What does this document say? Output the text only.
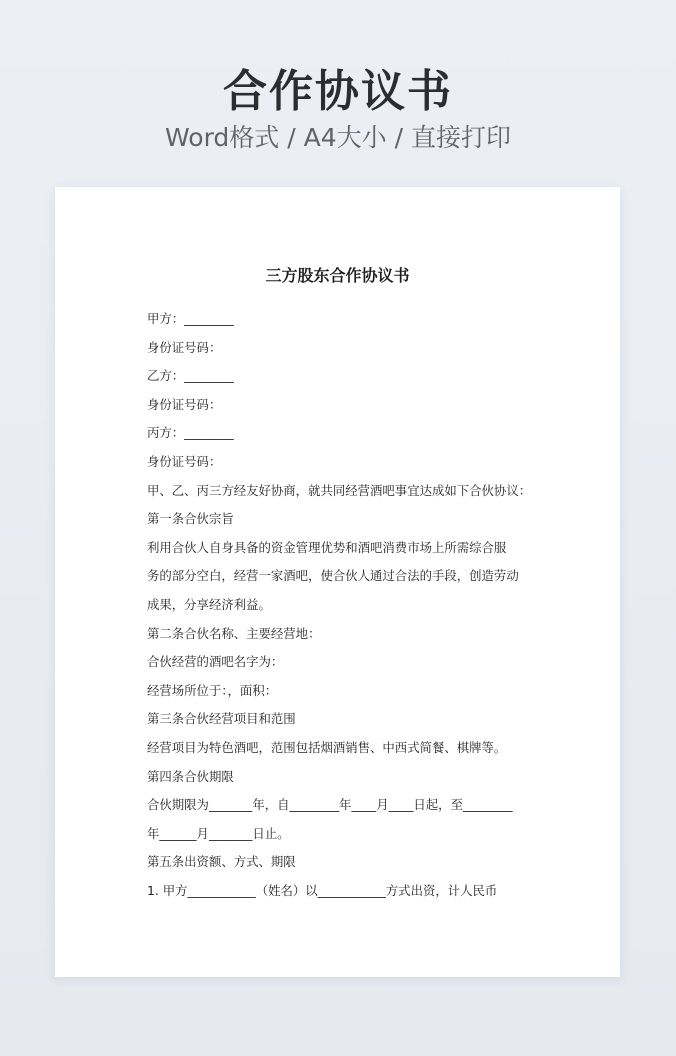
合作协议书
Word格式 / A4大小 / 直接打印
三方股东合作协议书
甲方：________
身份证号码：
乙方：________
身份证号码：
丙方：________
身份证号码：
甲、乙、丙三方经友好协商，就共同经营酒吧事宜达成如下合伙协议：
第一条合伙宗旨
利用合伙人自身具备的资金管理优势和酒吧消费市场上所需综合服
务的部分空白，经营一家酒吧，使合伙人通过合法的手段，创造劳动
成果，分享经济利益。
第二条合伙名称、主要经营地：
合伙经营的酒吧名字为：
经营场所位于：，面积：
第三条合伙经营项目和范围
经营项目为特色酒吧，范围包括烟酒销售、中西式简餐、棋牌等。
第四条合伙期限
合伙期限为_______年，自________年____月____日起，至________
年______月_______日止。
第五条出资额、方式、期限
1. 甲方___________（姓名）以___________方式出资，计人民币
